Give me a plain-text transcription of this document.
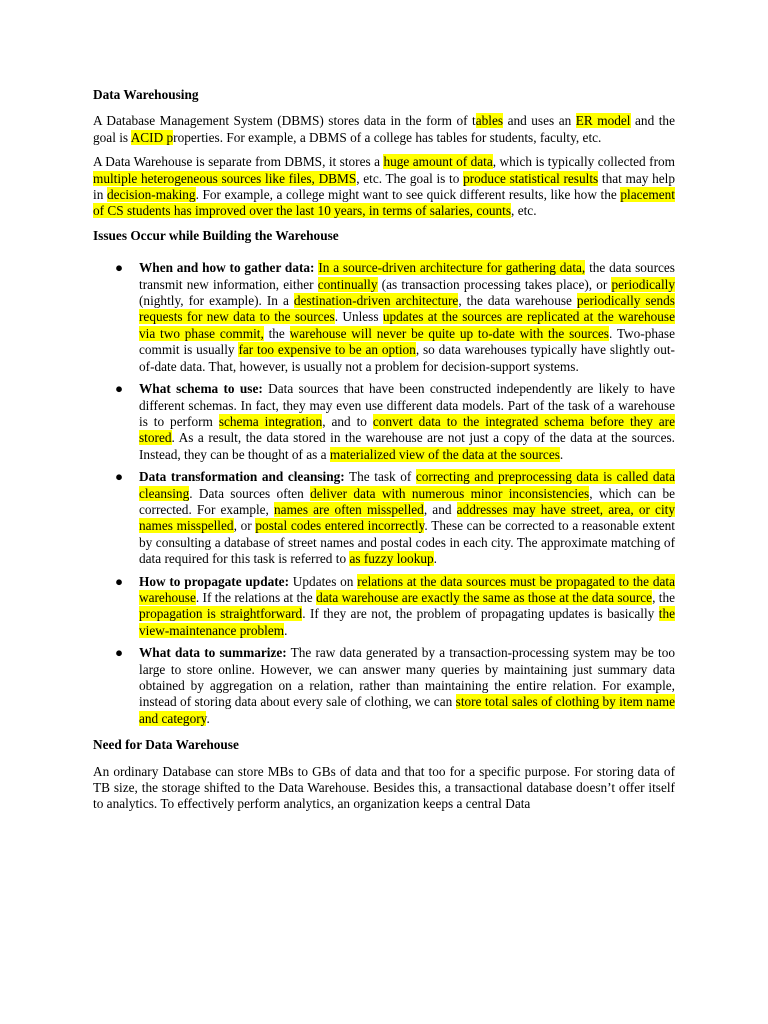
Data Warehousing

A Database Management System (DBMS) stores data in the form of tables and uses an ER model and the goal is ACID properties. For example, a DBMS of a college has tables for students, faculty, etc.

A Data Warehouse is separate from DBMS, it stores a huge amount of data, which is typically collected from multiple heterogeneous sources like files, DBMS, etc. The goal is to produce statistical results that may help in decision-making. For example, a college might want to see quick different results, like how the placement of CS students has improved over the last 10 years, in terms of salaries, counts, etc.

Issues Occur while Building the Warehouse
● When and how to gather data: In a source-driven architecture for gathering data, the data sources transmit new information, either continually (as transaction processing takes place), or periodically (nightly, for example). In a destination-driven architecture, the data warehouse periodically sends requests for new data to the sources. Unless updates at the sources are replicated at the warehouse via two phase commit, the warehouse will never be quite up to-date with the sources. Two-phase commit is usually far too expensive to be an option, so data warehouses typically have slightly out-of-date data. That, however, is usually not a problem for decision-support systems.
● What schema to use: Data sources that have been constructed independently are likely to have different schemas. In fact, they may even use different data models. Part of the task of a warehouse is to perform schema integration, and to convert data to the integrated schema before they are stored. As a result, the data stored in the warehouse are not just a copy of the data at the sources. Instead, they can be thought of as a materialized view of the data at the sources.
● Data transformation and cleansing: The task of correcting and preprocessing data is called data cleansing. Data sources often deliver data with numerous minor inconsistencies, which can be corrected. For example, names are often misspelled, and addresses may have street, area, or city names misspelled, or postal codes entered incorrectly. These can be corrected to a reasonable extent by consulting a database of street names and postal codes in each city. The approximate matching of data required for this task is referred to as fuzzy lookup.
● How to propagate update: Updates on relations at the data sources must be propagated to the data warehouse. If the relations at the data warehouse are exactly the same as those at the data source, the propagation is straightforward. If they are not, the problem of propagating updates is basically the view-maintenance problem.
● What data to summarize: The raw data generated by a transaction-processing system may be too large to store online. However, we can answer many queries by maintaining just summary data obtained by aggregation on a relation, rather than maintaining the entire relation. For example, instead of storing data about every sale of clothing, we can store total sales of clothing by item name and category.
Need for Data Warehouse

An ordinary Database can store MBs to GBs of data and that too for a specific purpose. For storing data of TB size, the storage shifted to the Data Warehouse. Besides this, a transactional database doesn’t offer itself to analytics. To effectively perform analytics, an organization keeps a central Data
